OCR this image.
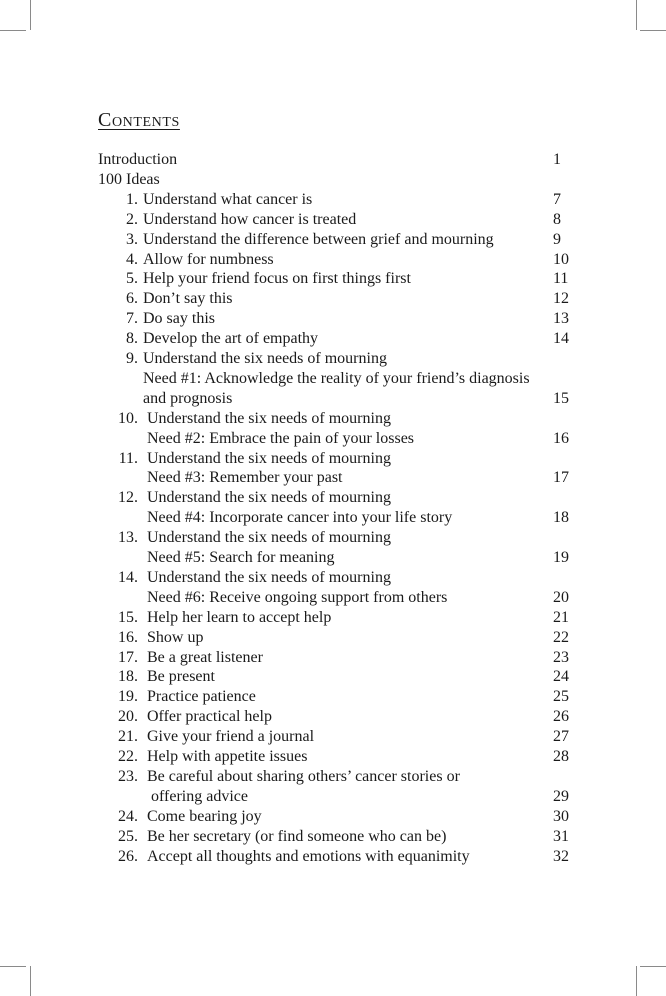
Contents
Introduction	1
100 Ideas
1. Understand what cancer is	7
2. Understand how cancer is treated	8
3. Understand the difference between grief and mourning	9
4. Allow for numbness	10
5. Help your friend focus on first things first	11
6. Don’t say this	12
7. Do say this	13
8. Develop the art of empathy	14
9. Understand the six needs of mourning
Need #1: Acknowledge the reality of your friend’s diagnosis
and prognosis	15
10. Understand the six needs of mourning
Need #2: Embrace the pain of your losses	16
11. Understand the six needs of mourning
Need #3: Remember your past	17
12. Understand the six needs of mourning
Need #4: Incorporate cancer into your life story	18
13. Understand the six needs of mourning
Need #5: Search for meaning	19
14. Understand the six needs of mourning
Need #6: Receive ongoing support from others	20
15. Help her learn to accept help	21
16. Show up	22
17. Be a great listener	23
18. Be present	24
19. Practice patience	25
20. Offer practical help	26
21. Give your friend a journal	27
22. Help with appetite issues	28
23. Be careful about sharing others’ cancer stories or
offering advice	29
24. Come bearing joy	30
25. Be her secretary (or find someone who can be)	31
26. Accept all thoughts and emotions with equanimity	32
